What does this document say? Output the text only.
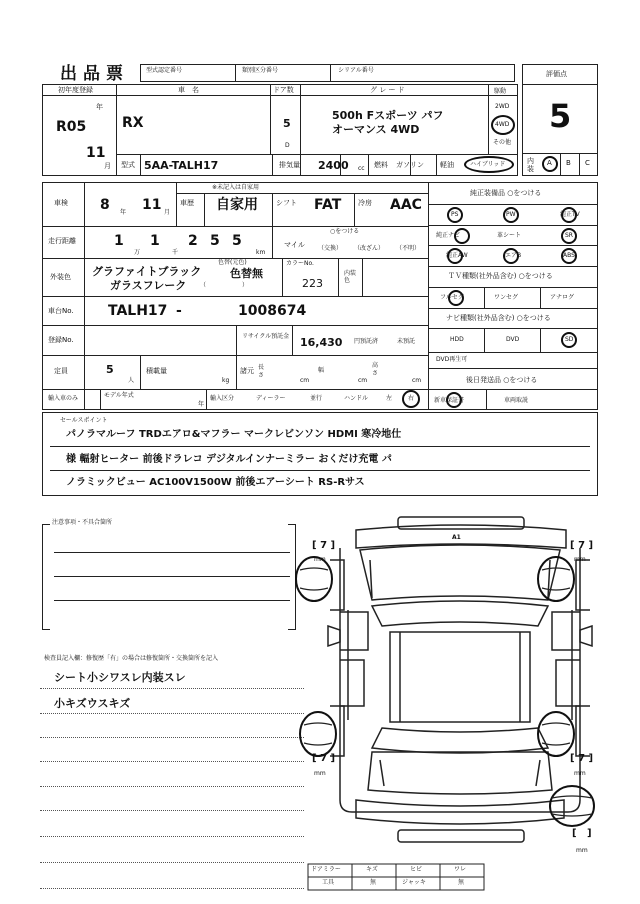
出品票	型式認定番号	類別区分番号	シリアル番号	評価点
5
内装
A B C
初年度登録
R05
年
11
月
車　名
RX
ドア数
5
D
グ レ ー ド
500h Fスポーツ パフ
オーマンス 4WD
駆動
2WD
4WD
その他
型式 5AA-TALH17	排気量 2400 cc 燃料 ガソリン 軽油	ハイブリッド
車検 8 年 11 月
※未記入は自家用
車歴 自家用	シフト FAT 冷房 AAC
走行距離	1 1 2 5 5
万	千	km
マイル
○をつける
（交換） （改ざん） （不明）
外装色 グラファイトブラック
ガラスフレーク
色替(元色)
色替無
（　　　　　　）
カラーNo.
223
内装色
車台No. TALH17 -	1008674
登録No.	リサイクル預託金 16,430 円預託済	未預託
定員	5
人
積載量
kg
諸元 長さ
cm
幅
cm
高さ
cm
輸入車のみ	モデル年式
年
輸入区分	ディーラー	並行	ハンドル	左	右
純正装備品 ○をつける
PS	PW	純正TV
純正ナビ	革シート	SR
純正AW	エアB	ABS
ＴＶ種類(社外品含む) ○をつける
フルセグ	ワンセグ	アナログ
ナビ種類(社外品含む) ○をつける
HDD	DVD	SD
DVD再生可
後日発送品 ○をつける
新車保証書	車両取説
セールスポイント
パノラマルーフ TRDエアロ&マフラー マークレビンソン HDMI 寒冷地仕
様 輻射ヒーター 前後ドラレコ デジタルインナーミラー おくだけ充電 パ
ノラミックビュー AC100V1500W 前後エアーシート RS-Rサス
注意事項・不具合箇所
検査員記入欄：修復歴「有」の場合は修復箇所・交換箇所を記入
シート小シワスレ内装スレ
小キズウスキズ
A1
[ 7 ]
mm
[ 7 ]
mm
[ 7 ]
mm
[ 7 ]
mm
[   ]
mm
ドアミラー	キズ	ヒビ	ワレ
工具	無	ジャッキ	無
